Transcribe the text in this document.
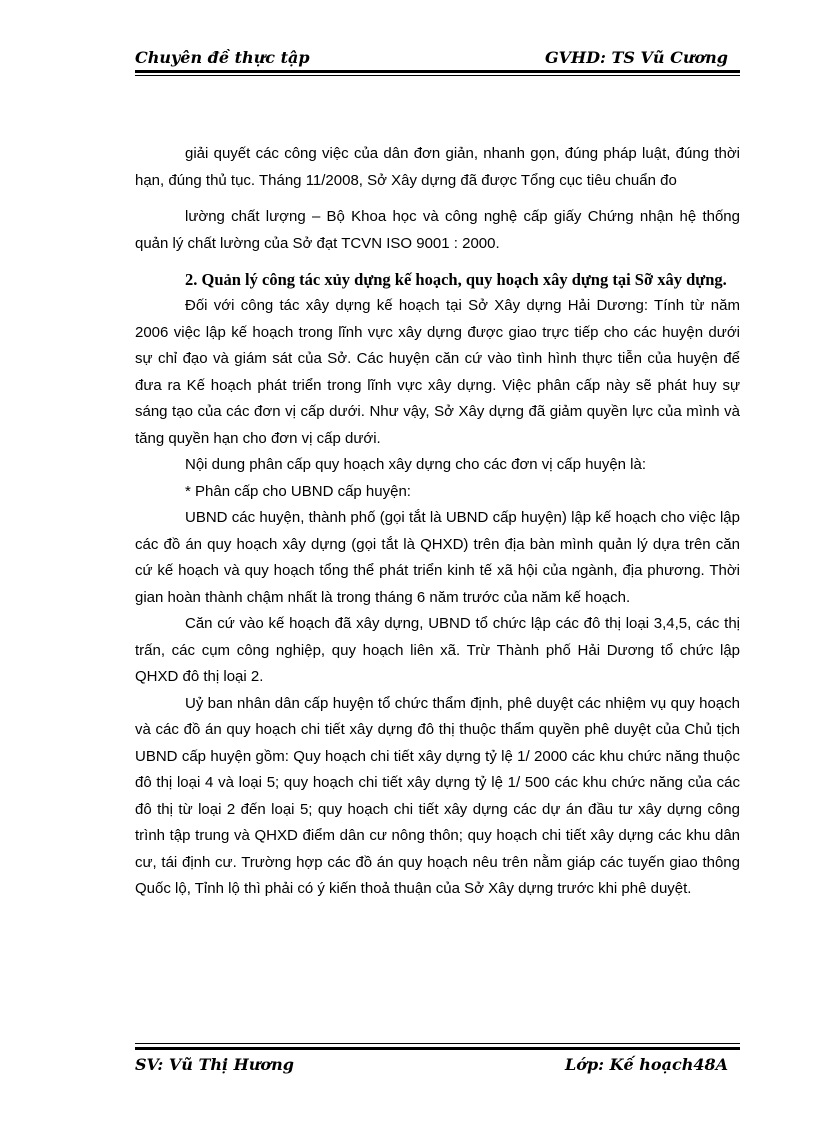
Chuyên đề thực tập	GVHD: TS Vũ Cương

giải quyết các công việc của dân đơn giản, nhanh gọn, đúng pháp luật, đúng thời hạn, đúng thủ tục. Tháng 11/2008, Sở Xây dựng đã được Tổng cục tiêu chuẩn đo

lường chất lượng – Bộ Khoa học và công nghệ cấp giấy Chứng nhận hệ thống quản lý chất lường của Sở đạt TCVN ISO 9001 : 2000.

2. Quản lý công tác xủy dựng kế hoạch, quy hoạch xây dựng tại Sỡ xây dựng.

Đối với công tác xây dựng kế hoạch tại Sở Xây dựng Hải Dương: Tính từ năm 2006 việc lập kế hoạch trong lĩnh vực xây dựng được giao trực tiếp cho các huyện dưới sự chỉ đạo và giám sát của Sở. Các huyện căn cứ vào tình hình thực tiễn của huyện để đưa ra Kế hoạch phát triển trong lĩnh vực xây dựng. Việc phân cấp này sẽ phát huy sự sáng tạo của các đơn vị cấp dưới. Như vậy, Sở Xây dựng đã giảm quyền lực của mình và tăng quyền hạn cho đơn vị cấp dưới.

Nội dung phân cấp quy hoạch xây dựng cho các đơn vị cấp huyện là:

* Phân cấp cho UBND cấp huyện:

UBND các huyện, thành phố (gọi tắt là UBND cấp huyện) lập kế hoạch cho việc lập các đồ án quy hoạch xây dựng (gọi tắt là QHXD) trên địa bàn mình quản lý dựa trên căn cứ kế hoạch và quy hoạch tổng thể phát triển kinh tế xã hội của ngành, địa phương. Thời gian hoàn thành chậm nhất là trong tháng 6 năm trước của năm kế hoạch.

Căn cứ vào kế hoạch đã xây dựng, UBND tổ chức lập các đô thị loại 3,4,5, các thị trấn, các cụm công nghiệp, quy hoạch liên xã. Trừ Thành phố Hải Dương tổ chức lập QHXD đô thị loại 2.

Uỷ ban nhân dân cấp huyện tổ chức thẩm định, phê duyệt các nhiệm vụ quy hoạch và các đồ án quy hoạch chi tiết xây dựng đô thị thuộc thẩm quyền phê duyệt của Chủ tịch UBND cấp huyện gồm: Quy hoạch chi tiết xây dựng tỷ lệ 1/ 2000 các khu chức năng thuộc đô thị loại 4 và loại 5; quy hoạch chi tiết xây dựng tỷ lệ 1/ 500 các khu chức năng của các đô thị từ loại 2 đến loại 5; quy hoạch chi tiết xây dựng các dự án đầu tư xây dựng công trình tập trung và QHXD điểm dân cư nông thôn; quy hoạch chi tiết xây dựng các khu dân cư, tái định cư. Trường hợp các đồ án quy hoạch nêu trên nằm giáp các tuyến giao thông Quốc lộ, Tỉnh lộ thì phải có ý kiến thoả thuận của Sở Xây dựng trước khi phê duyệt.

SV: Vũ Thị Hương	Lớp: Kế hoạch48A
